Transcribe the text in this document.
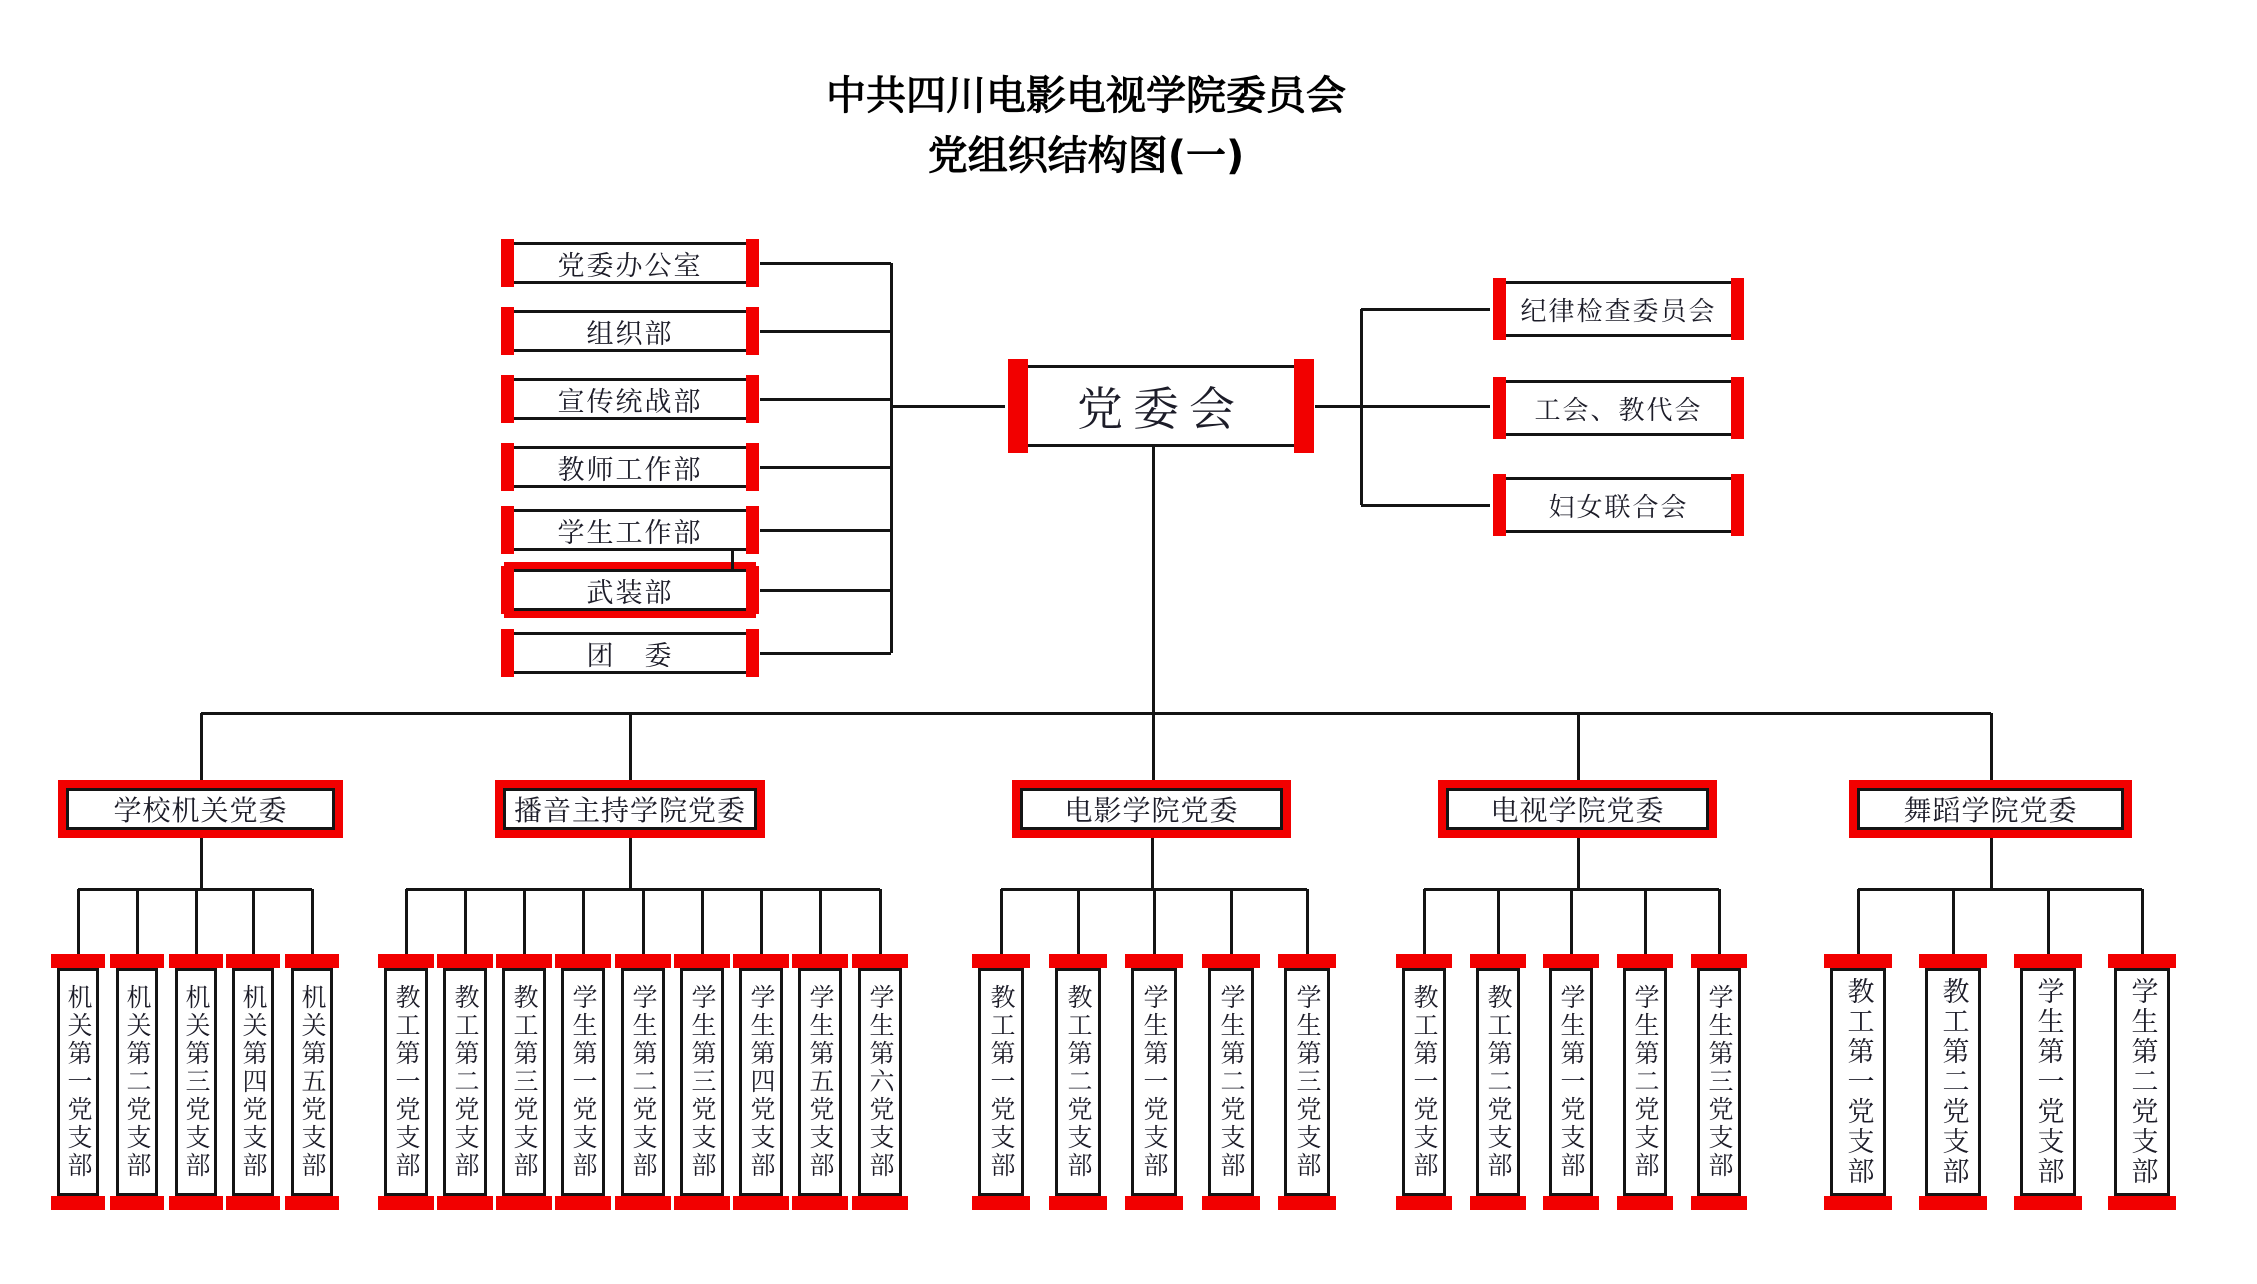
中共四川电影电视学院委员会
党组织结构图(一)
党委办公室
组织部
宣传统战部
教师工作部
学生工作部
武装部
团　委
党委会
纪律检查委员会
工会、教代会
妇女联合会
学校机关党委
机关第一党支部 机关第二党支部 机关第三党支部 机关第四党支部 机关第五党支部
播音主持学院党委
教工第一党支部	教工第二党支部	教工第三党支部	学生第一党支部	学生第二党支部	学生第三党支部	学生第四党支部	学生第五党支部	学生第六党支部
电影学院党委
教工第一党支部	教工第二党支部	学生第一党支部	学生第二党支部	学生第三党支部
电视学院党委
教工第一党支部	教工第二党支部	学生第一党支部	学生第二党支部	学生第三党支部
舞蹈学院党委
教工第一党支部	教工第二党支部	学生第一党支部	学生第二党支部
